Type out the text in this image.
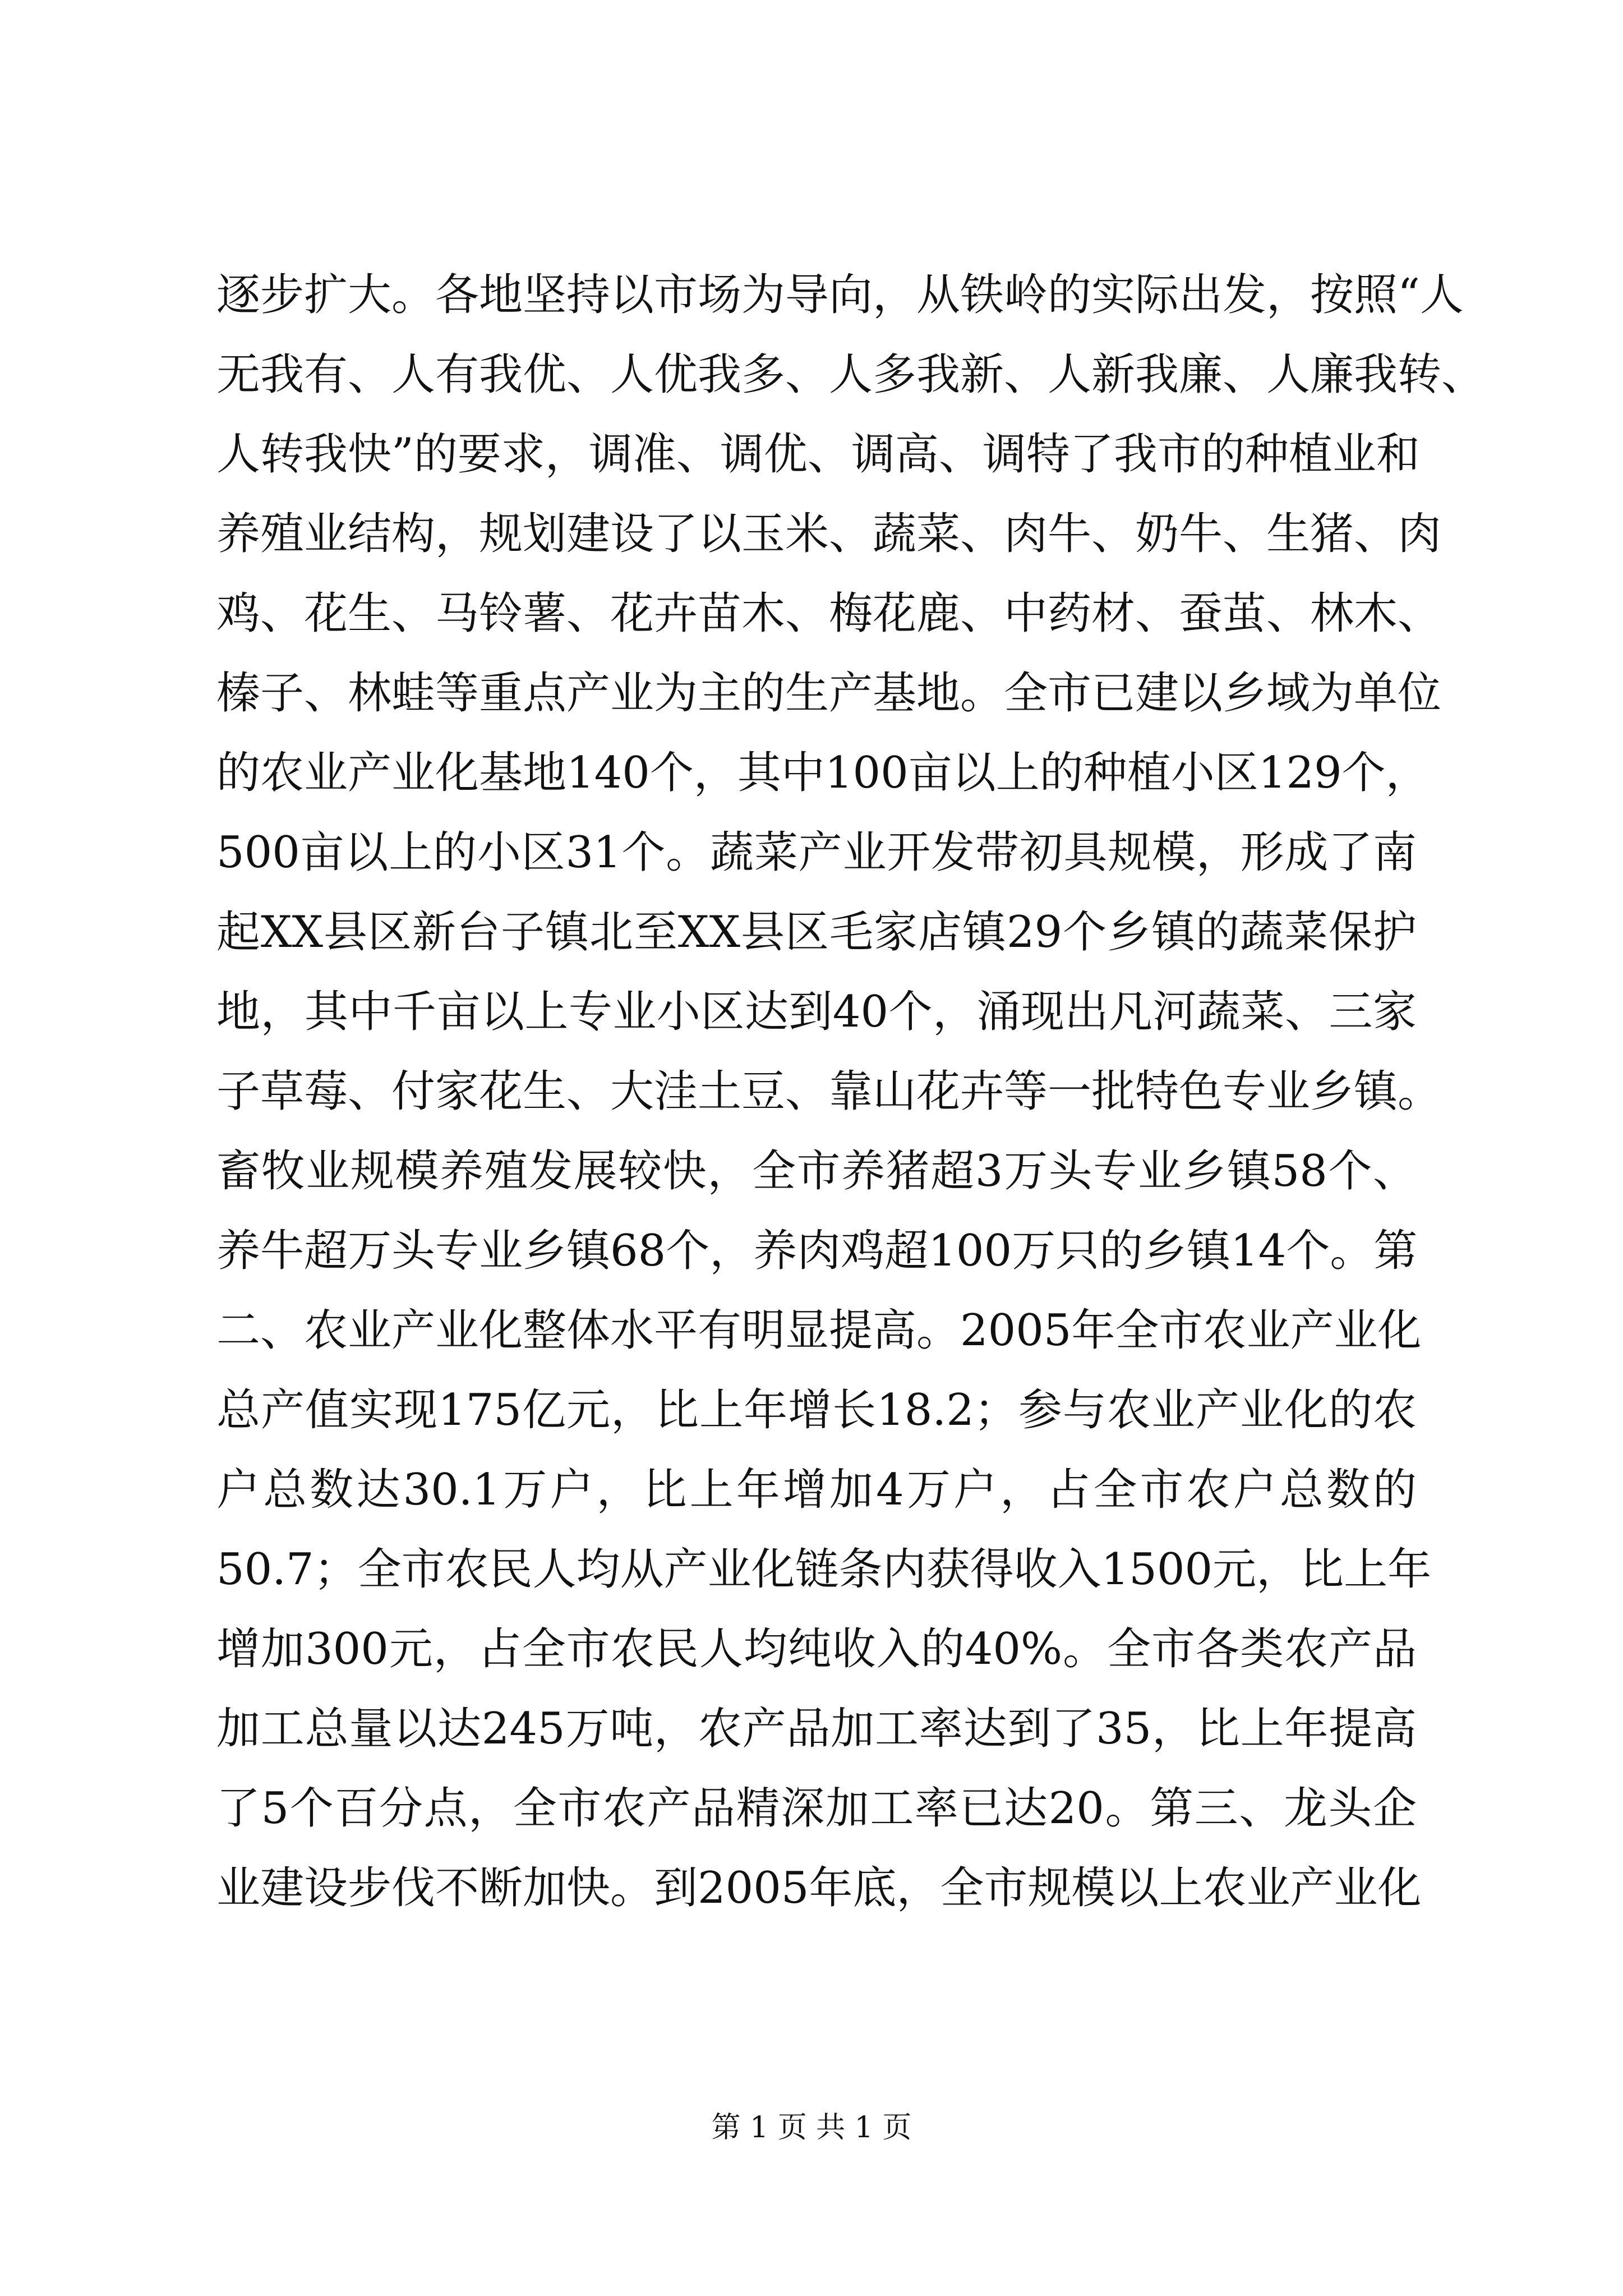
逐步扩大。各地坚持以市场为导向，从铁岭的实际出发，按照“人
无我有、人有我优、人优我多、人多我新、人新我廉、人廉我转、
人转我快”的要求，调准、调优、调高、调特了我市的种植业和
养殖业结构，规划建设了以玉米、蔬菜、肉牛、奶牛、生猪、肉
鸡、花生、马铃薯、花卉苗木、梅花鹿、中药材、蚕茧、林木、
榛子、林蛙等重点产业为主的生产基地。全市已建以乡域为单位
的农业产业化基地140个，其中100亩以上的种植小区129个，
500亩以上的小区31个。蔬菜产业开发带初具规模，形成了南
起XX县区新台子镇北至XX县区毛家店镇29个乡镇的蔬菜保护
地，其中千亩以上专业小区达到40个，涌现出凡河蔬菜、三家
子草莓、付家花生、大洼土豆、靠山花卉等一批特色专业乡镇。
畜牧业规模养殖发展较快，全市养猪超3万头专业乡镇58个、
养牛超万头专业乡镇68个，养肉鸡超100万只的乡镇14个。第
二、农业产业化整体水平有明显提高。2005年全市农业产业化
总产值实现175亿元，比上年增长18.2；参与农业产业化的农
户总数达30.1万户，比上年增加4万户，占全市农户总数的
50.7；全市农民人均从产业化链条内获得收入1500元，比上年
增加300元，占全市农民人均纯收入的40%。全市各类农产品
加工总量以达245万吨，农产品加工率达到了35，比上年提高
了5个百分点，全市农产品精深加工率已达20。第三、龙头企
业建设步伐不断加快。到2005年底，全市规模以上农业产业化
第 1 页 共 1 页
